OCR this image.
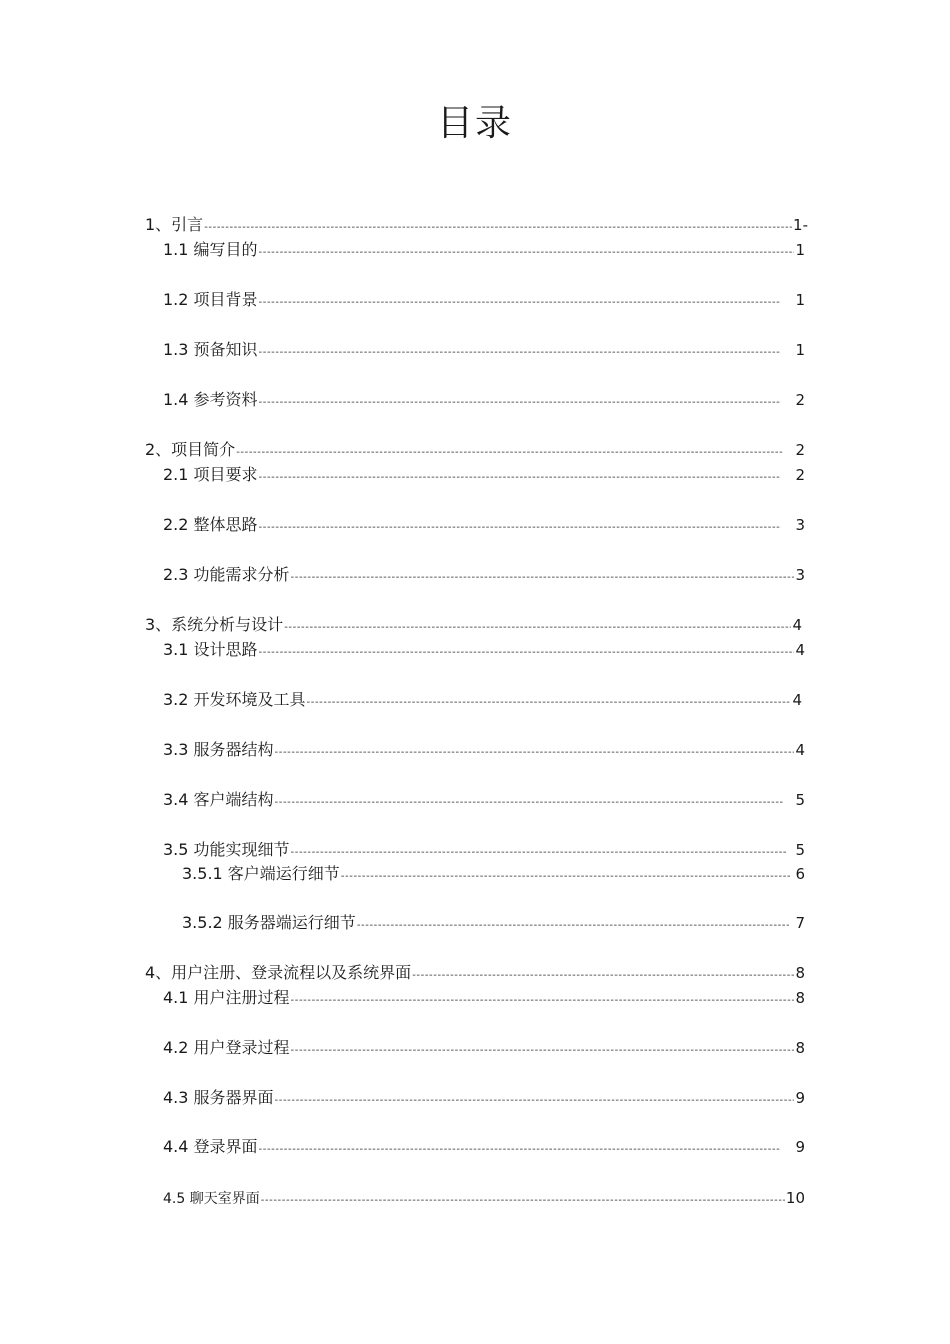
目录
1、引言 -----	1-
1.1 编写目的 -----	1
1.2 项目背景 -----	1
1.3 预备知识 -----	1
1.4 参考资料 -----	2
2、项目简介 -----	2
2.1 项目要求 -----	2
2.2 整体思路 -----	3
2.3 功能需求分析 -----	3
3、系统分析与设计 -----	4
3.1 设计思路 -----	4
3.2 开发环境及工具 -----	4
3.3 服务器结构 -----	4
3.4 客户端结构 -----	5
3.5 功能实现细节 -----	5
3.5.1 客户端运行细节 -----	6
3.5.2 服务器端运行细节 -----	7
4、用户注册、登录流程以及系统界面 -----	8
4.1 用户注册过程 -----	8
4.2 用户登录过程 -----	8
4.3 服务器界面 -----	9
4.4 登录界面 -----	9
4.5 聊天室界面 -----	10
